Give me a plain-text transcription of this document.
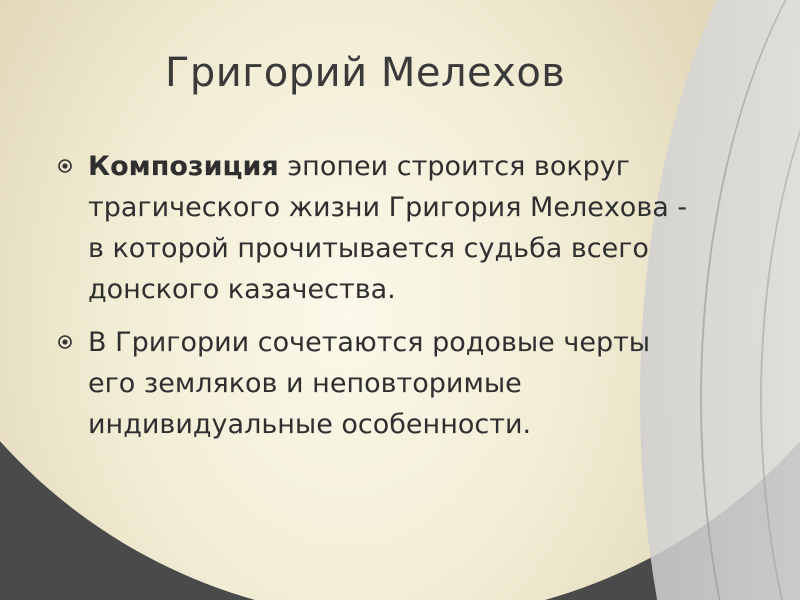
Григорий Мелехов
Композиция эпопеи строится вокруг трагического жизни Григория Мелехова - в которой прочитывается судьба всего донского казачества.
В Григории сочетаются родовые черты его земляков и неповторимые индивидуальные особенности.
